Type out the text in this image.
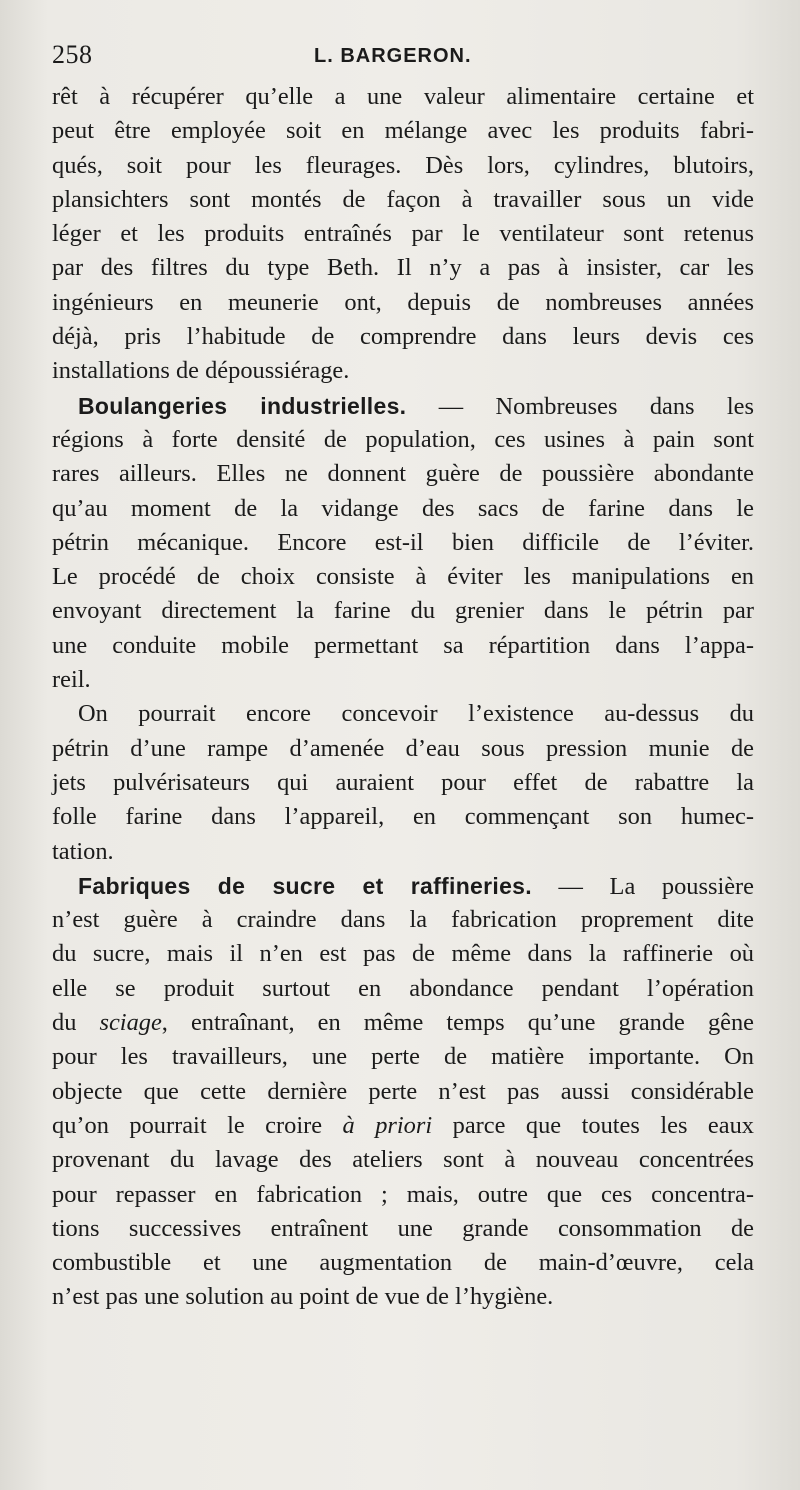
258	L. BARGERON.
rêt à récupérer qu’elle a une valeur alimentaire certaine et
peut être employée soit en mélange avec les produits fabri-
qués, soit pour les fleurages. Dès lors, cylindres, blutoirs,
plansichters sont montés de façon à travailler sous un vide
léger et les produits entraînés par le ventilateur sont retenus
par des filtres du type Beth. Il n’y a pas à insister, car les
ingénieurs en meunerie ont, depuis de nombreuses années
déjà, pris l’habitude de comprendre dans leurs devis ces
installations de dépoussiérage.
Boulangeries industrielles. — Nombreuses dans les
régions à forte densité de population, ces usines à pain sont
rares ailleurs. Elles ne donnent guère de poussière abondante
qu’au moment de la vidange des sacs de farine dans le
pétrin mécanique. Encore est-il bien difficile de l’éviter.
Le procédé de choix consiste à éviter les manipulations en
envoyant directement la farine du grenier dans le pétrin par
une conduite mobile permettant sa répartition dans l’appa-
reil.
On pourrait encore concevoir l’existence au-dessus du
pétrin d’une rampe d’amenée d’eau sous pression munie de
jets pulvérisateurs qui auraient pour effet de rabattre la
folle farine dans l’appareil, en commençant son humec-
tation.
Fabriques de sucre et raffineries. — La poussière
n’est guère à craindre dans la fabrication proprement dite
du sucre, mais il n’en est pas de même dans la raffinerie où
elle se produit surtout en abondance pendant l’opération
du sciage, entraînant, en même temps qu’une grande gêne
pour les travailleurs, une perte de matière importante. On
objecte que cette dernière perte n’est pas aussi considérable
qu’on pourrait le croire à priori parce que toutes les eaux
provenant du lavage des ateliers sont à nouveau concentrées
pour repasser en fabrication ; mais, outre que ces concentra-
tions successives entraînent une grande consommation de
combustible et une augmentation de main-d’œuvre, cela
n’est pas une solution au point de vue de l’hygiène.
